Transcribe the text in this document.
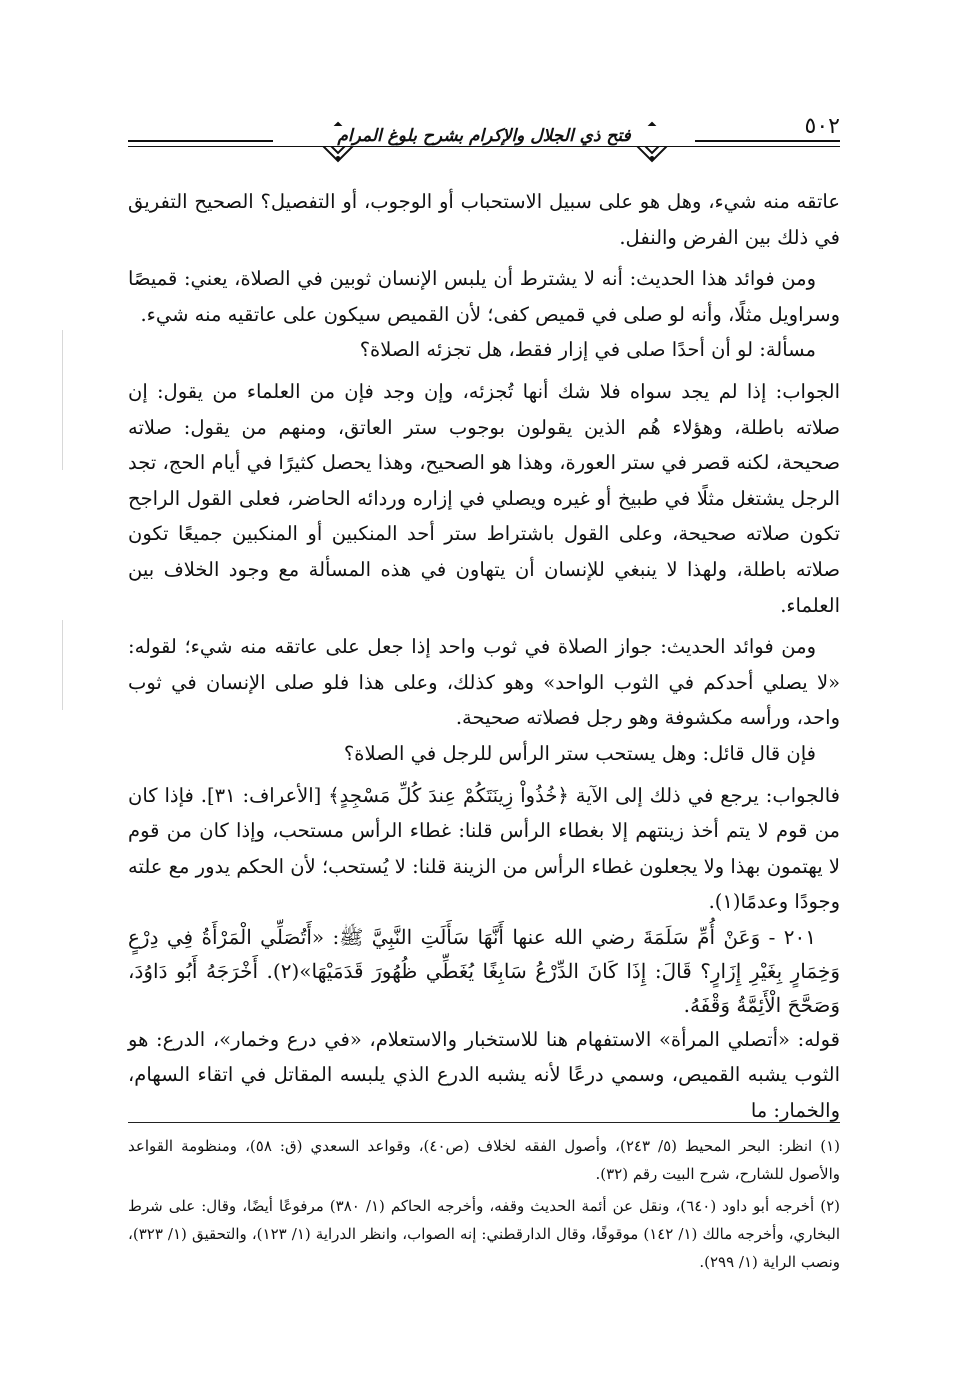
فتح ذي الجلال والإكرام بشرح بلوغ المرام	٥٠٢

عاتقه منه شيء، وهل هو على سبيل الاستحباب أو الوجوب، أو التفصيل؟ الصحيح التفريق في ذلك بين الفرض والنفل.

ومن فوائد هذا الحديث: أنه لا يشترط أن يلبس الإنسان ثوبين في الصلاة، يعني: قميصًا وسراويل مثلًا، وأنه لو صلى في قميص كفى؛ لأن القميص سيكون على عاتقيه منه شيء.

مسألة: لو أن أحدًا صلى في إزار فقط، هل تجزئه الصلاة؟

الجواب: إذا لم يجد سواه فلا شك أنها تُجزئه، وإن وجد فإن من العلماء من يقول: إن صلاته باطلة، وهؤلاء هُم الذين يقولون بوجوب ستر العاتق، ومنهم من يقول: صلاته صحيحة، لكنه قصر في ستر العورة، وهذا هو الصحيح، وهذا يحصل كثيرًا في أيام الحج، تجد الرجل يشتغل مثلًا في طبيخ أو غيره ويصلي في إزاره وردائه الحاضر، فعلى القول الراجح تكون صلاته صحيحة، وعلى القول باشتراط ستر أحد المنكبين أو المنكبين جميعًا تكون صلاته باطلة، ولهذا لا ينبغي للإنسان أن يتهاون في هذه المسألة مع وجود الخلاف بين العلماء.

ومن فوائد الحديث: جواز الصلاة في ثوب واحد إذا جعل على عاتقه منه شيء؛ لقوله: «لا يصلي أحدكم في الثوب الواحد» وهو كذلك، وعلى هذا فلو صلى الإنسان في ثوب واحد، ورأسه مكشوفة وهو رجل فصلاته صحيحة.

فإن قال قائل: وهل يستحب ستر الرأس للرجل في الصلاة؟

فالجواب: يرجع في ذلك إلى الآية ﴿خُذُواْ زِينَتَكُمْ عِندَ كُلِّ مَسْجِدٍ﴾ [الأعراف: ٣١]. فإذا كان من قوم لا يتم أخذ زينتهم إلا بغطاء الرأس قلنا: غطاء الرأس مستحب، وإذا كان من قوم لا يهتمون بهذا ولا يجعلون غطاء الرأس من الزينة قلنا: لا يُستحب؛ لأن الحكم يدور مع علته وجودًا وعدمًا(١).

٢٠١ - وَعَنْ أُمِّ سَلَمَةَ رضي الله عنها أَنَّهَا سَأَلَتِ النَّبِيَّ ﷺ: «أَتُصَلِّي الْمَرْأَةُ فِي دِرْعٍ وَخِمَارٍ بِغَيْرِ إِزَارٍ؟ قَالَ: إِذَا كَانَ الدِّرْعُ سَابِغًا يُغَطِّي ظُهُورَ قَدَمَيْهَا»(٢). أَخْرَجَهُ أَبُو دَاوُدَ، وَصَحَّحَ الْأَئِمَّةُ وَقْفَهُ.

قوله: «أتصلي المرأة» الاستفهام هنا للاستخبار والاستعلام، «في درع وخمار»، الدرع: هو الثوب يشبه القميص، وسمي درعًا لأنه يشبه الدرع الذي يلبسه المقاتل في اتقاء السهام، والخمار: ما

(١) انظر: البحر المحيط (٥/ ٢٤٣)، وأصول الفقه لخلاف (ص٤٠)، وقواعد السعدي (ق: ٥٨)، ومنظومة القواعد والأصول للشارح، شرح البيت رقم (٣٢).

(٢) أخرجه أبو داود (٦٤٠)، ونقل عن أئمة الحديث وقفه، وأخرجه الحاكم (١/ ٣٨٠) مرفوعًا أيضًا، وقال: على شرط البخاري، وأخرجه مالك (١/ ١٤٢) موقوفًا، وقال الدارقطني: إنه الصواب، وانظر الدراية (١/ ١٢٣)، والتحقيق (١/ ٣٢٣)، ونصب الراية (١/ ٢٩٩).
